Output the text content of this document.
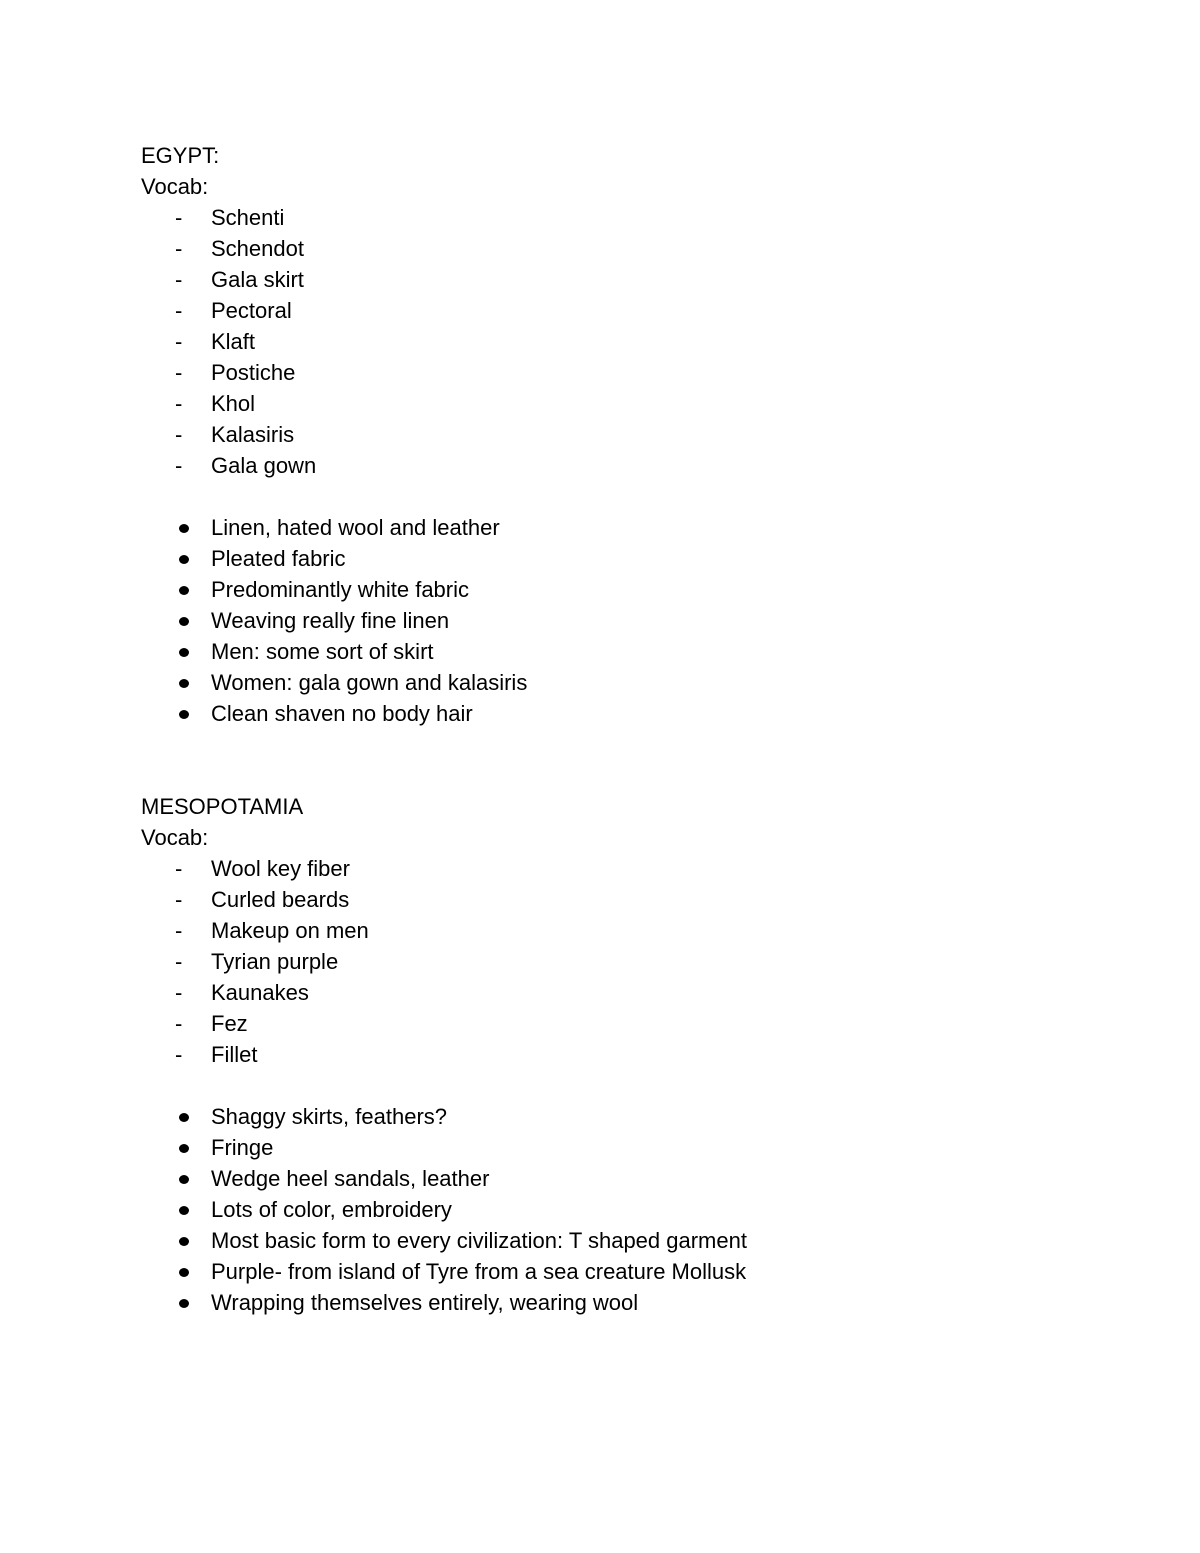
EGYPT:
Vocab:
-	Schenti
-	Schendot
-	Gala skirt
-	Pectoral
-	Klaft
-	Postiche
-	Khol
-	Kalasiris
-	Gala gown
Linen, hated wool and leather
Pleated fabric
Predominantly white fabric
Weaving really fine linen
Men: some sort of skirt
Women: gala gown and kalasiris
Clean shaven no body hair
MESOPOTAMIA
Vocab:
-	Wool key fiber
-	Curled beards
-	Makeup on men
-	Tyrian purple
-	Kaunakes
-	Fez
-	Fillet
Shaggy skirts, feathers?
Fringe
Wedge heel sandals, leather
Lots of color, embroidery
Most basic form to every civilization: T shaped garment
Purple- from island of Tyre from a sea creature Mollusk
Wrapping themselves entirely, wearing wool
